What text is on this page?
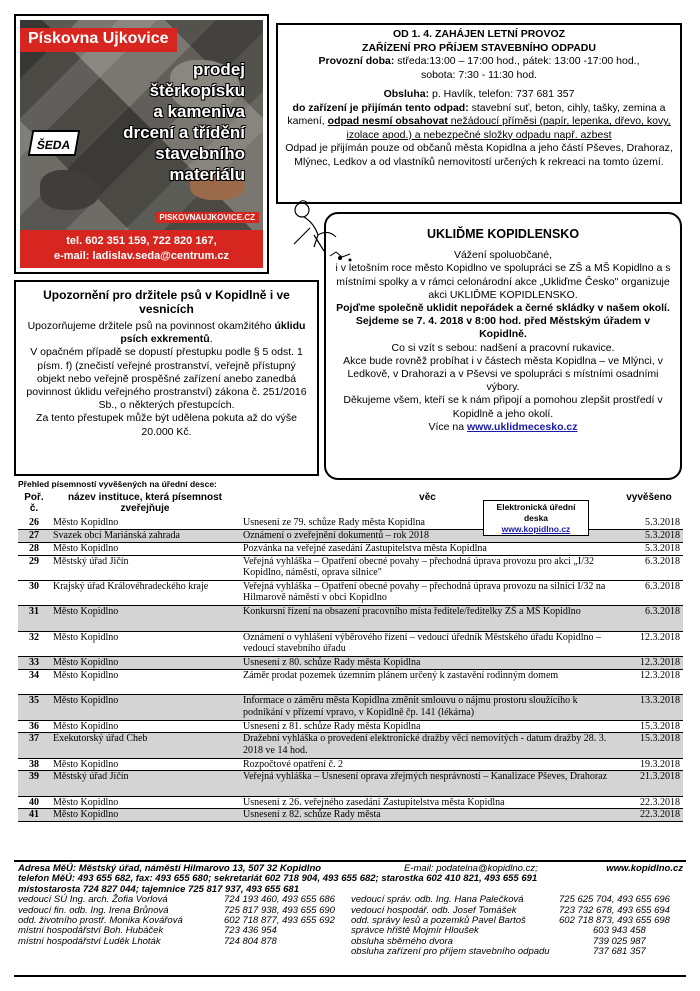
Pískovna Ujkovice
prodej
štěrkopísku
a kameniva
drcení a třídění
stavebního
materiálu
ŠEDA
PISKOVNAUJKOVICE.CZ
tel. 602 351 159, 722 820 167,
e-mail: ladislav.seda@centrum.cz
OD 1. 4. ZAHÁJEN LETNÍ PROVOZ
ZAŘÍZENÍ PRO PŘÍJEM STAVEBNÍHO ODPADU
Provozní doba: středa:13:00 – 17:00 hod., pátek: 13:00 -17:00 hod.,
sobota: 7:30 - 11:30 hod.
Obsluha: p. Havlík, telefon: 737 681 357
do zařízení je přijímán tento odpad: stavební suť, beton, cihly, tašky, zemina a kamení, odpad nesmí obsahovat nežádoucí příměsi (papír, lepenka, dřevo, kovy, izolace apod.) a nebezpečné složky odpadu např. azbest
Odpad je přijímán pouze od občanů města Kopidlna a jeho částí Pševes, Drahoraz, Mlýnec, Ledkov a od vlastníků nemovitostí určených k rekreaci na tomto území.
UKLIĎME KOPIDLENSKO
Vážení spoluobčané,
i v letošním roce město Kopidlno ve spolupráci se ZŠ a MŠ Kopidlno a s místními spolky a v rámci celonárodní akce „Ukliďme Česko" organizuje akci UKLIĎME KOPIDLENSKO.
Pojďme společně uklidit nepořádek a černé skládky v našem okolí.
Sejdeme se 7. 4. 2018 v 8:00 hod. před Městským úřadem v Kopidlně.
Co si vzít s sebou: nadšení a pracovní rukavice.
Akce bude rovněž probíhat i v částech města Kopidlna – ve Mlýnci, v Ledkově, v Drahorazi a v Pševsi ve spolupráci s místními osadními výbory.
Děkujeme všem, kteří se k nám připojí a pomohou zlepšit prostředí v Kopidlně a jeho okolí.
Více na www.uklidmecesko.cz
Upozornění pro držitele psů v Kopidlně i ve vesnicích
Upozorňujeme držitele psů na povinnost okamžitého úklidu psích exkrementů.
V opačném případě se dopustí přestupku podle § 5 odst. 1 písm. f) (znečistí veřejné prostranství, veřejně přístupný objekt nebo veřejně prospěšné zařízení anebo zanedbá povinnost úklidu veřejného prostranství) zákona č. 251/2016 Sb., o některých přestupcích.
Za tento přestupek může být udělena pokuta až do výše 20.000 Kč.
Přehled písemností vyvěšených na úřední desce:
Poř. č.	název instituce, která písemnost zveřejňuje	věc	vyvěšeno
26	Město Kopidlno	Usnesení ze 79. schůze Rady města Kopidlna	5.3.2018
27	Svazek obcí Mariánská zahrada	Oznámení o zveřejnění dokumentů – rok 2018	5.3.2018
28	Město Kopidlno	Pozvánka na veřejné zasedání Zastupitelstva města Kopidlna	5.3.2018
29	Městský úřad Jičín	Veřejná vyhláška – Opatření obecné povahy – přechodná úprava provozu pro akci „I/32 Kopidlno, náměstí, oprava silnice"	6.3.2018
30	Krajský úřad Královéhradeckého kraje	Veřejná vyhláška – Opatření obecné povahy – přechodná úprava provozu na silnici I/32 na Hilmarově náměstí v obci Kopidlno	6.3.2018
31	Město Kopidlno	Konkursní řízení na obsazení pracovního místa ředitele/ředitelky ZŠ a MŠ Kopidlno	6.3.2018
32	Město Kopidlno	Oznámení o vyhlášení výběrového řízení – vedoucí úředník Městského úřadu Kopidlno – vedoucí stavebního úřadu	12.3.2018
33	Město Kopidlno	Usnesení z 80. schůze Rady města Kopidlna	12.3.2018
34	Město Kopidlno	Záměr prodat pozemek územním plánem určený k zastavění rodinným domem	12.3.2018
35	Město Kopidlno	Informace o záměru města Kopidlna změnit smlouvu o nájmu prostoru sloužícího k podnikání v přízemí vpravo, v Kopidlně čp. 141 (lékárna)	13.3.2018
36	Město Kopidlno	Usnesení z 81. schůze Rady města Kopidlna	15.3.2018
37	Exekutorský úřad Cheb	Dražební vyhláška o provedení elektronické dražby věcí nemovitých - datum dražby 28. 3. 2018 ve 14 hod.	15.3.2018
38	Město Kopidlno	Rozpočtové opatření č. 2	19.3.2018
39	Městský úřad Jičín	Veřejná vyhláška – Usnesení oprava zřejmých nesprávností – Kanalizace Pševes, Drahoraz	21.3.2018
40	Město Kopidlno	Usnesení z 26. veřejného zasedání Zastupitelstva města Kopidlna	22.3.2018
41	Město Kopidlno	Usnesení z 82. schůze Rady města	22.3.2018
Elektronická úřední
deska
www.kopidlno.cz
Adresa MěÚ: Městský úřad, náměstí Hilmarovo 13, 507 32 Kopidlno	E-mail: podatelna@kopidlno.cz;	www.kopidlno.cz
telefon MěÚ: 493 655 682, fax: 493 655 680; sekretariát 602 718 904, 493 655 682; starostka 602 410 821, 493 655 691
místostarosta 724 827 044; tajemnice 725 817 937, 493 655 681
vedoucí SÚ Ing. arch. Žofia Vorlová	724 193 460, 493 655 686 vedoucí správ. odb. Ing. Hana Palečková	725 625 704, 493 655 696
vedoucí fin. odb. Ing. Irena Brůnová	725 817 938, 493 655 690 vedoucí hospodář. odb. Josef Tomášek	723 732 678, 493 655 694
odd. životního prostř. Monika Kovářová	602 718 877, 493 655 692 odd. správy lesů a pozemků Pavel Bartoš	602 718 873, 493 655 698
místní hospodářství Boh. Hubáček	723 436 954	správce hřiště Mojmír Hloušek	603 943 458
místní hospodářství Luděk Lhoták	724 804 878	obsluha sběrného dvora	739 025 987
obsluha zařízení pro příjem stavebního odpadu	737 681 357
